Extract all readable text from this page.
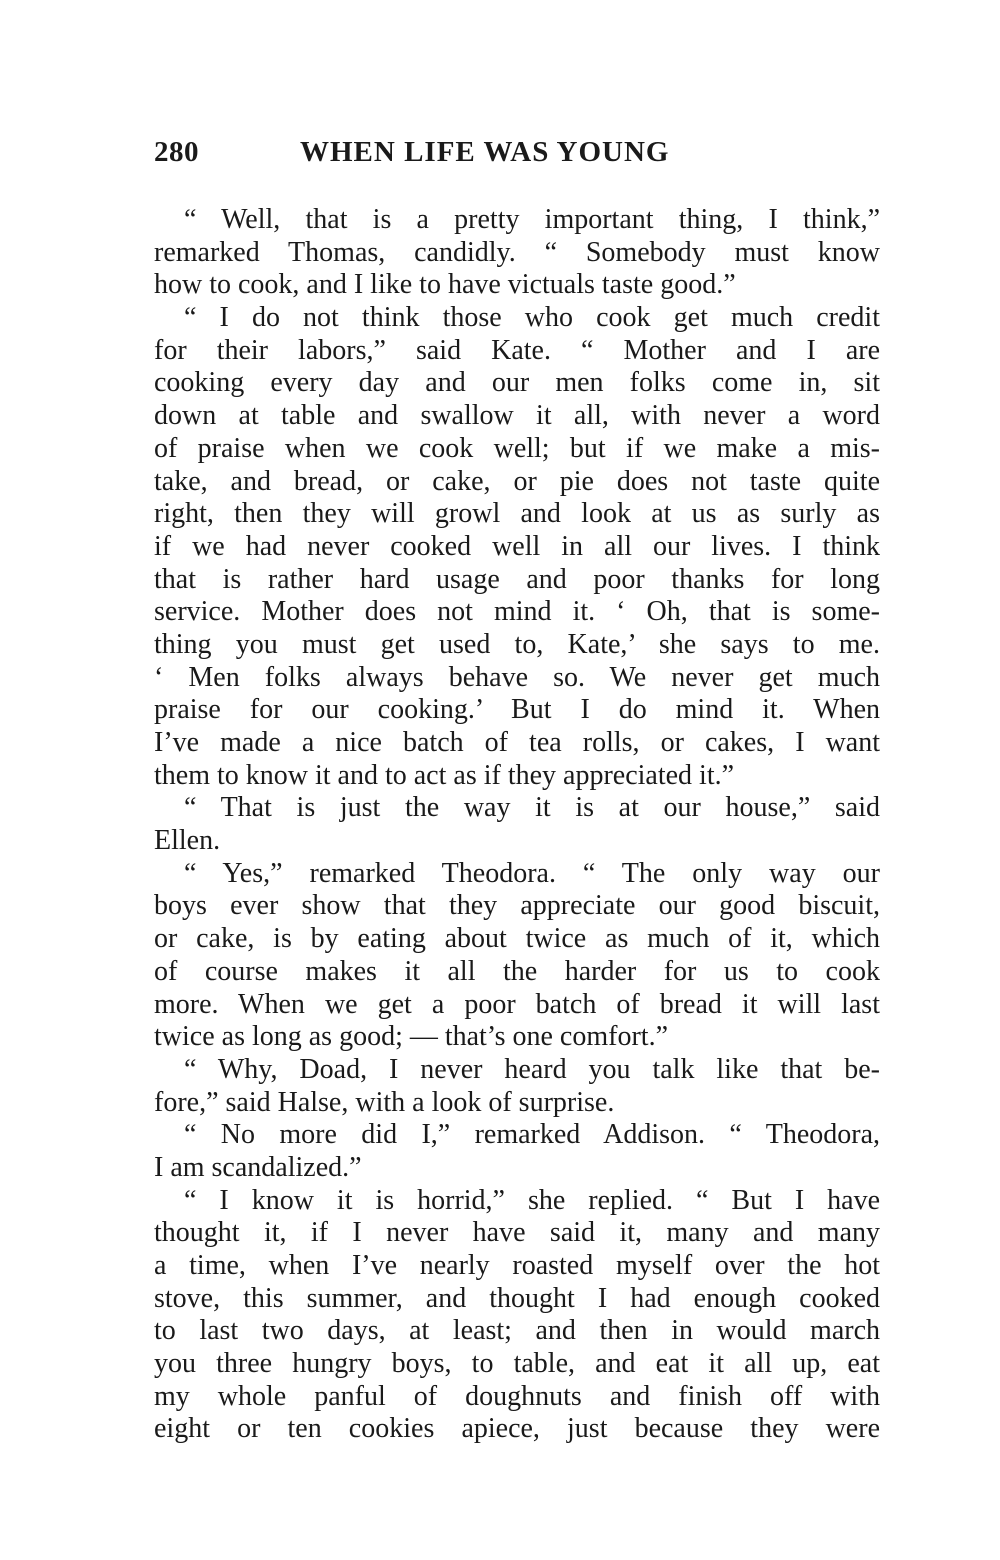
280	WHEN LIFE WAS YOUNG
“ Well, that is a pretty important thing, I think,”
remarked Thomas, candidly. “ Somebody must know
how to cook, and I like to have victuals taste good.”
“ I do not think those who cook get much credit
for their labors,” said Kate. “ Mother and I are
cooking every day and our men folks come in, sit
down at table and swallow it all, with never a word
of praise when we cook well; but if we make a mis-
take, and bread, or cake, or pie does not taste quite
right, then they will growl and look at us as surly as
if we had never cooked well in all our lives. I think
that is rather hard usage and poor thanks for long
service. Mother does not mind it. ‘ Oh, that is some-
thing you must get used to, Kate,’ she says to me.
‘ Men folks always behave so. We never get much
praise for our cooking.’ But I do mind it. When
I’ve made a nice batch of tea rolls, or cakes, I want
them to know it and to act as if they appreciated it.”
“ That is just the way it is at our house,” said
Ellen.
“ Yes,” remarked Theodora. “ The only way our
boys ever show that they appreciate our good biscuit,
or cake, is by eating about twice as much of it, which
of course makes it all the harder for us to cook
more. When we get a poor batch of bread it will last
twice as long as good; — that’s one comfort.”
“ Why, Doad, I never heard you talk like that be-
fore,” said Halse, with a look of surprise.
“ No more did I,” remarked Addison. “ Theodora,
I am scandalized.”
“ I know it is horrid,” she replied. “ But I have
thought it, if I never have said it, many and many
a time, when I’ve nearly roasted myself over the hot
stove, this summer, and thought I had enough cooked
to last two days, at least; and then in would march
you three hungry boys, to table, and eat it all up, eat
my whole panful of doughnuts and finish off with
eight or ten cookies apiece, just because they were
